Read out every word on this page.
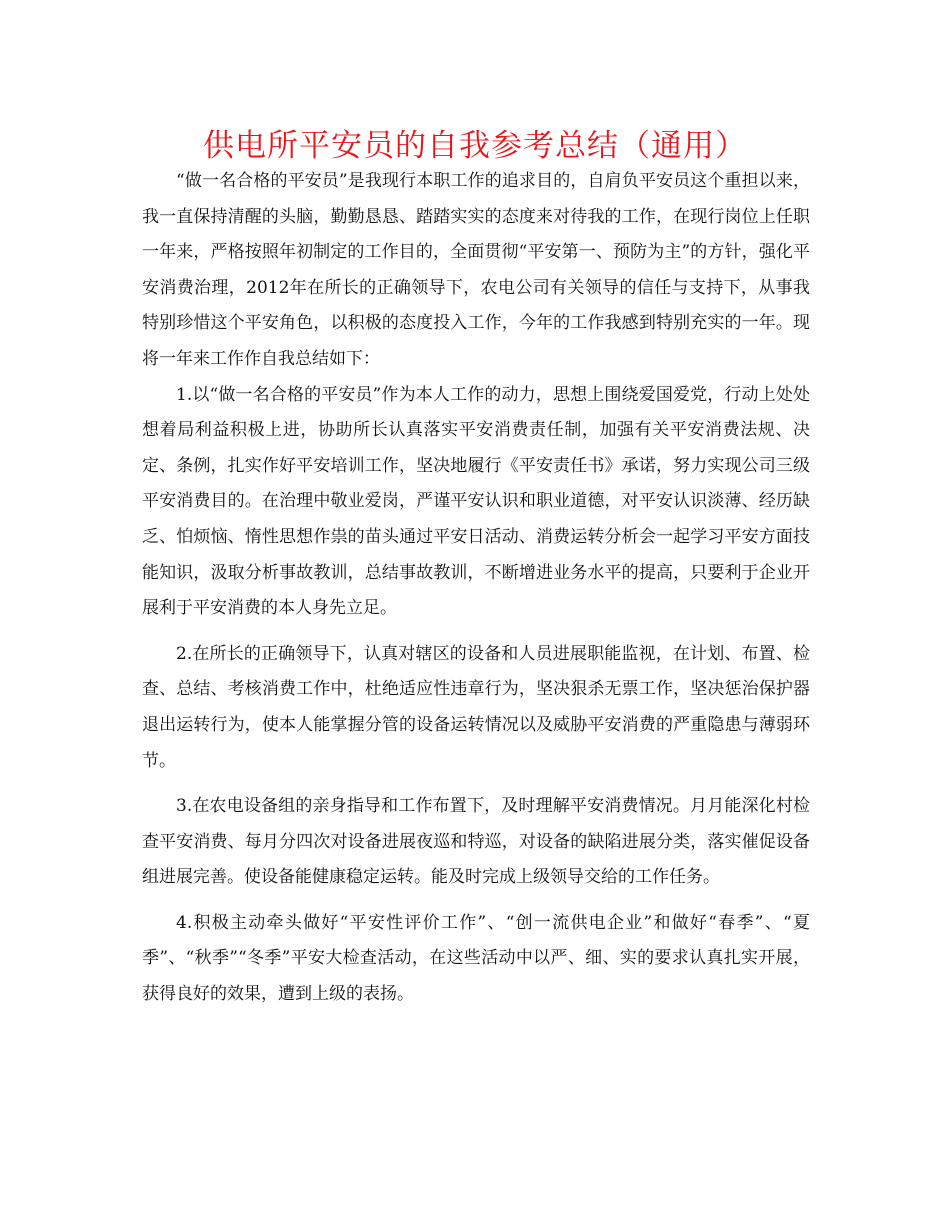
供电所平安员的自我参考总结（通用）

“做一名合格的平安员”是我现行本职工作的追求目的，自肩负平安员这个重担以来，我一直保持清醒的头脑，勤勤恳恳、踏踏实实的态度来对待我的工作，在现行岗位上任职一年来，严格按照年初制定的工作目的，全面贯彻“平安第一、预防为主”的方针，强化平安消费治理，2012年在所长的正确领导下，农电公司有关领导的信任与支持下，从事我特别珍惜这个平安角色，以积极的态度投入工作，今年的工作我感到特别充实的一年。现将一年来工作作自我总结如下：

1.以“做一名合格的平安员”作为本人工作的动力，思想上围绕爱国爱党，行动上处处想着局利益积极上进，协助所长认真落实平安消费责任制，加强有关平安消费法规、决定、条例，扎实作好平安培训工作，坚决地履行《平安责任书》承诺，努力实现公司三级平安消费目的。在治理中敬业爱岗，严谨平安认识和职业道德，对平安认识淡薄、经历缺乏、怕烦恼、惰性思想作祟的苗头通过平安日活动、消费运转分析会一起学习平安方面技能知识，汲取分析事故教训，总结事故教训，不断增进业务水平的提高，只要利于企业开展利于平安消费的本人身先立足。

2.在所长的正确领导下，认真对辖区的设备和人员进展职能监视，在计划、布置、检查、总结、考核消费工作中，杜绝适应性违章行为，坚决狠杀无票工作，坚决惩治保护器退出运转行为，使本人能掌握分管的设备运转情况以及威胁平安消费的严重隐患与薄弱环节。

3.在农电设备组的亲身指导和工作布置下，及时理解平安消费情况。月月能深化村检查平安消费、每月分四次对设备进展夜巡和特巡，对设备的缺陷进展分类，落实催促设备组进展完善。使设备能健康稳定运转。能及时完成上级领导交给的工作任务。

4.积极主动牵头做好“平安性评价工作”、“创一流供电企业”和做好“春季”、“夏季”、“秋季”“冬季”平安大检查活动，在这些活动中以严、细、实的要求认真扎实开展，获得良好的效果，遭到上级的表扬。
